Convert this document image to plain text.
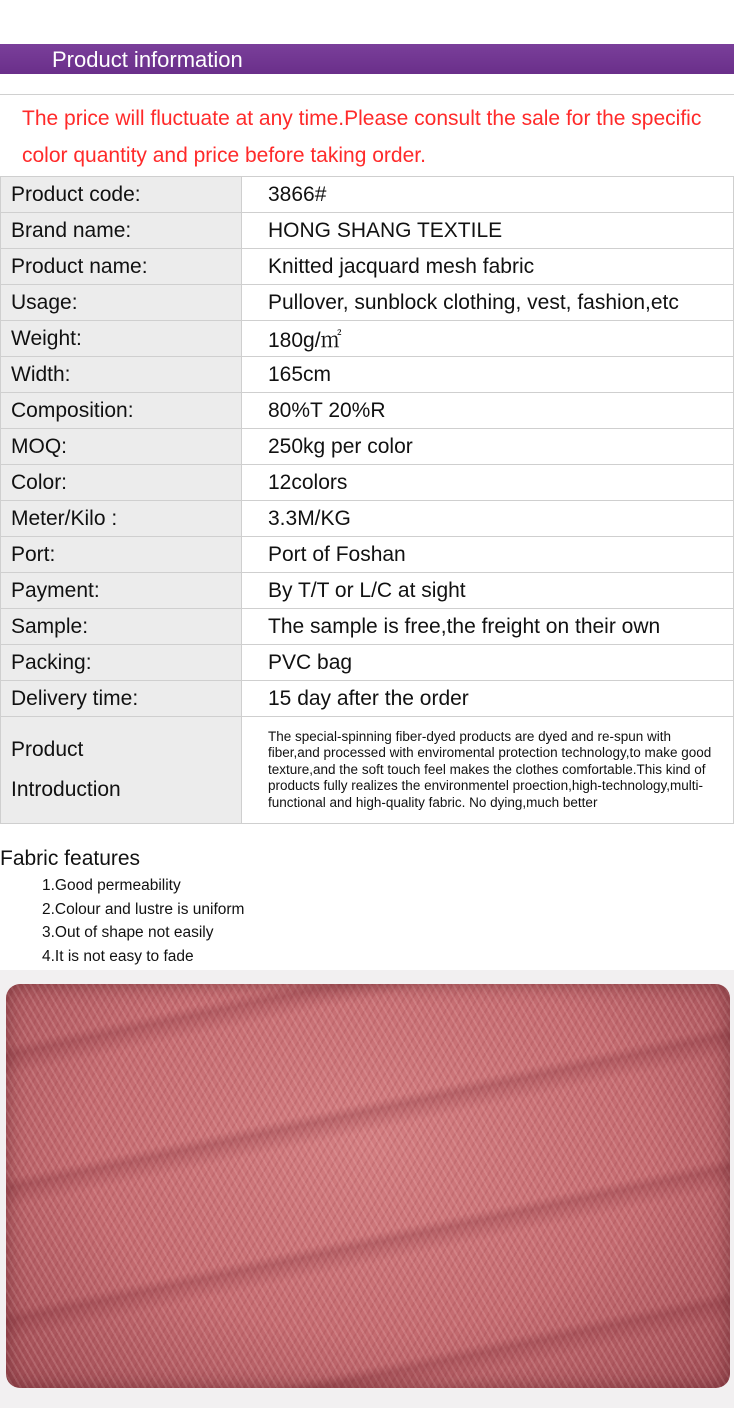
Product information
The price will fluctuate at any time.Please consult the sale for the specific color quantity and price before taking order.
Product code:	3866#
Brand name:	HONG SHANG TEXTILE
Product name:	Knitted jacquard mesh fabric
Usage:	Pullover, sunblock clothing, vest, fashion,etc
Weight:	180g/㎡
Width:	165cm
Composition:	80%T 20%R
MOQ:	250kg per color
Color:	12colors
Meter/Kilo :	3.3M/KG
Port:	Port of Foshan
Payment:	By T/T or L/C at sight
Sample:	The sample is free,the freight on their own
Packing:	PVC bag
Delivery time:	15 day after the order
Product
Introduction	The special-spinning fiber-dyed products are dyed and re-spun with fiber,and processed with enviromental protection technology,to make good texture,and the soft touch feel makes the clothes comfortable.This kind of products fully realizes the environmentel proection,high-technology,multi-functional and high-quality fabric. No dying,much better
Fabric features
1.Good permeability
2.Colour and lustre is uniform
3.Out of shape not easily
4.It is not easy to fade
